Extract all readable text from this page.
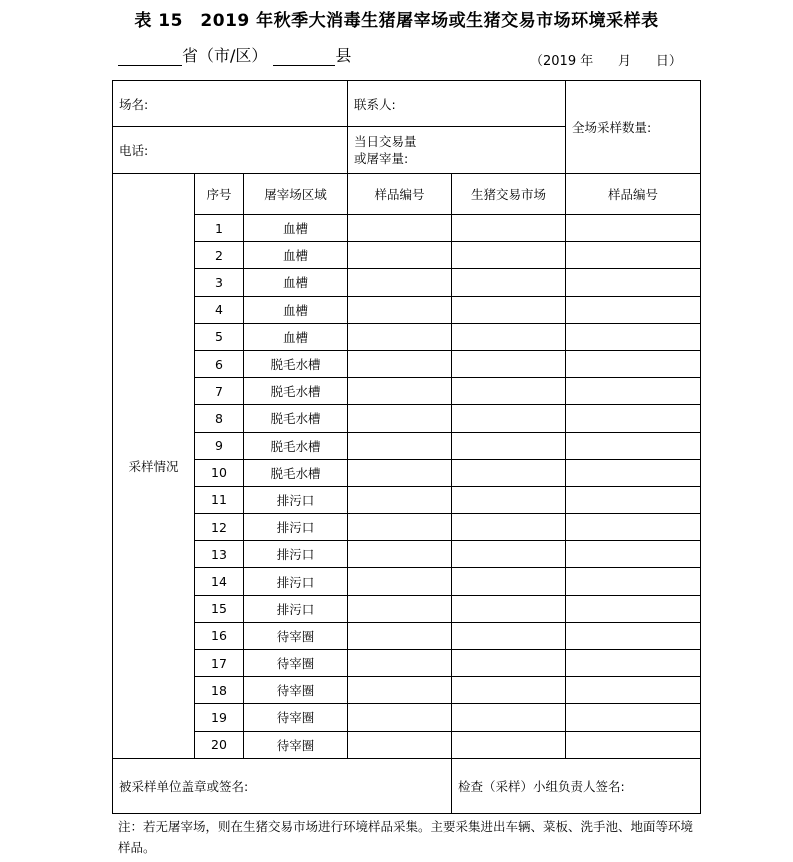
表 15　2019 年秋季大消毒生猪屠宰场或生猪交易市场环境采样表
省（市/区）	县	（2019 年 月 日）
场名:			联系人:		全场采样数量:
电话:			当日交易量
或屠宰量:		
采样情况	序号	屠宰场区域	样品编号	生猪交易市场	样品编号
	1	血槽			
	2	血槽			
	3	血槽			
	4	血槽			
	5	血槽			
	6	脱毛水槽			
	7	脱毛水槽			
	8	脱毛水槽			
	9	脱毛水槽			
	10	脱毛水槽			
	11	排污口			
	12	排污口			
	13	排污口			
	14	排污口			
	15	排污口			
	16	待宰圈			
	17	待宰圈			
	18	待宰圈			
	19	待宰圈			
	20	待宰圈			
被采样单位盖章或签名:				检查（采样）小组负责人签名:	
注：若无屠宰场，则在生猪交易市场进行环境样品采集。主要采集进出车辆、菜板、洗手池、地面等环境样品。
